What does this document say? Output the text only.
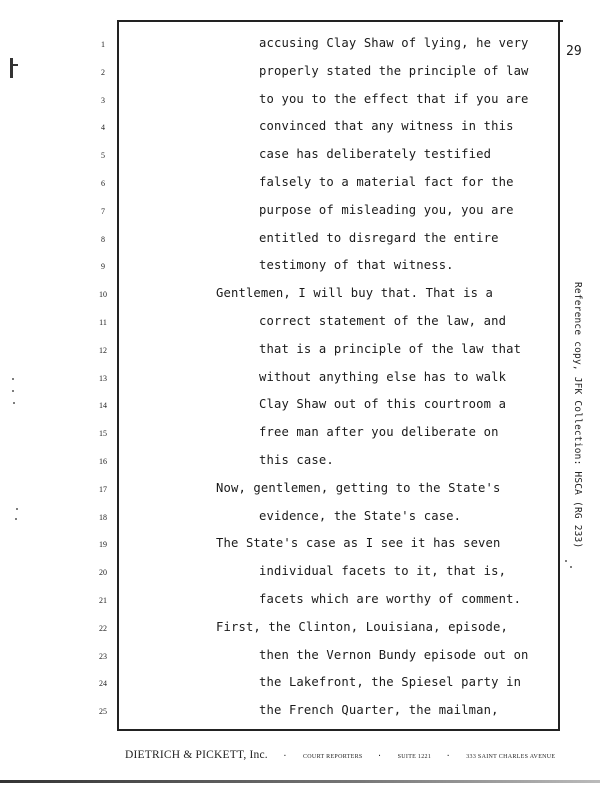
29
1
2
3
4
5
6
7
8
9
10
11
12
13
14
15
16
17
18
19
20
21
22
23
24
25
accusing Clay Shaw of lying, he very
properly stated the principle of law
to you to the effect that if you are
convinced that any witness in this
case has deliberately testified
falsely to a material fact for the
purpose of misleading you, you are
entitled to disregard the entire
testimony of that witness.
Gentlemen, I will buy that. That is a
correct statement of the law, and
that is a principle of the law that
without anything else has to walk
Clay Shaw out of this courtroom a
free man after you deliberate on
this case.
Now, gentlemen, getting to the State's
evidence, the State's case.
The State's case as I see it has seven
individual facets to it, that is,
facets which are worthy of comment.
First, the Clinton, Louisiana, episode,
then the Vernon Bundy episode out on
the Lakefront, the Spiesel party in
the French Quarter, the mailman,
Reference copy, JFK Collection: HSCA (RG 233)
DIETRICH & PICKETT, Inc. ·	COURT REPORTERS ·	SUITE 1221 ·	333 SAINT CHARLES AVENUE
